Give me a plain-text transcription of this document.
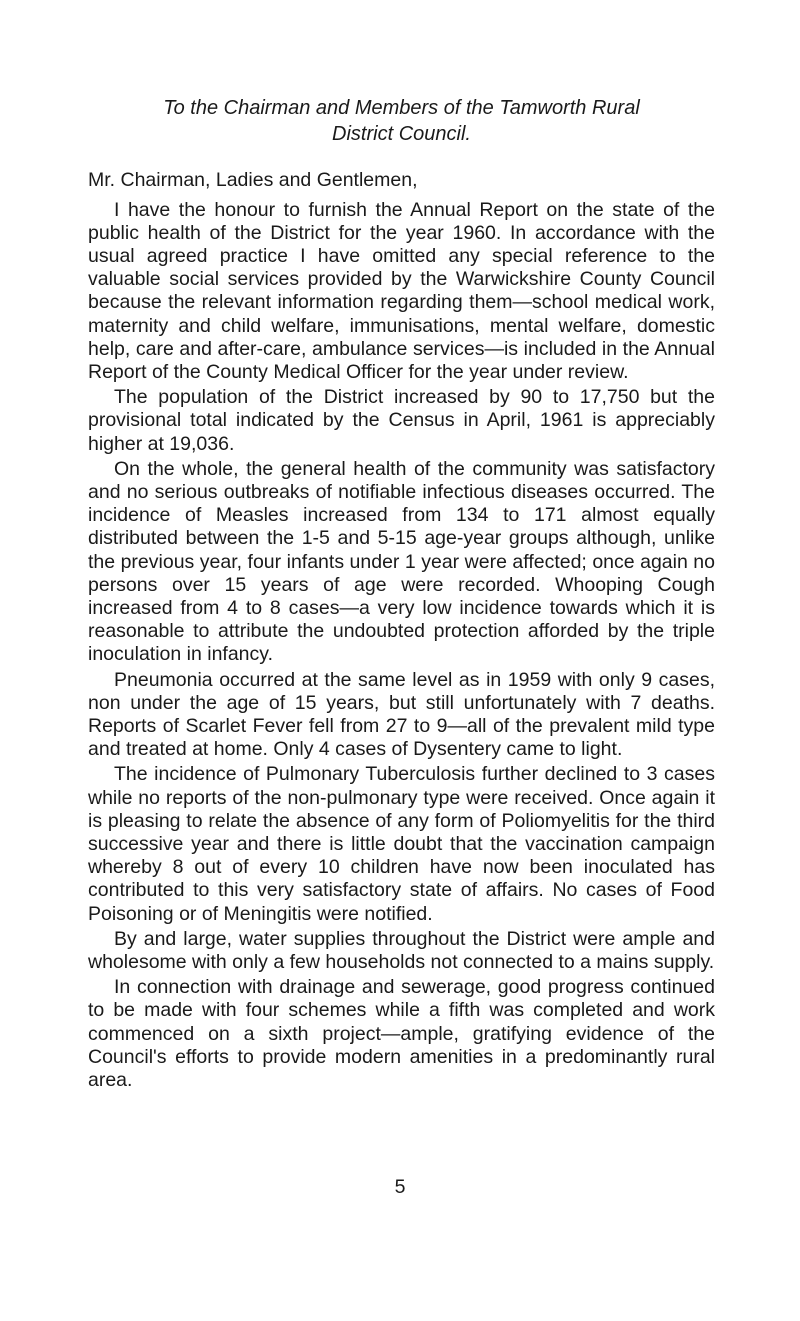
To the Chairman and Members of the Tamworth Rural
District Council.

Mr. Chairman, Ladies and Gentlemen,

I have the honour to furnish the Annual Report on the state of the public health of the District for the year 1960. In accordance with the usual agreed practice I have omitted any special reference to the valuable social services provided by the Warwickshire County Council because the relevant information regarding them—school medical work, maternity and child welfare, immunisations, mental welfare, domestic help, care and after-care, ambulance services—is included in the Annual Report of the County Medical Officer for the year under review.

The population of the District increased by 90 to 17,750 but the provisional total indicated by the Census in April, 1961 is appreciably higher at 19,036.

On the whole, the general health of the community was satisfactory and no serious outbreaks of notifiable infectious diseases occurred. The incidence of Measles increased from 134 to 171 almost equally distributed between the 1-5 and 5-15 age-year groups although, unlike the previous year, four infants under 1 year were affected; once again no persons over 15 years of age were recorded. Whooping Cough increased from 4 to 8 cases—a very low incidence towards which it is reasonable to attribute the undoubted protection afforded by the triple inoculation in infancy.

Pneumonia occurred at the same level as in 1959 with only 9 cases, non under the age of 15 years, but still unfortunately with 7 deaths. Reports of Scarlet Fever fell from 27 to 9—all of the prevalent mild type and treated at home. Only 4 cases of Dysentery came to light.

The incidence of Pulmonary Tuberculosis further declined to 3 cases while no reports of the non-pulmonary type were received. Once again it is pleasing to relate the absence of any form of Poliomyelitis for the third successive year and there is little doubt that the vaccination campaign whereby 8 out of every 10 children have now been inoculated has contributed to this very satisfactory state of affairs. No cases of Food Poisoning or of Meningitis were notified.

By and large, water supplies throughout the District were ample and wholesome with only a few households not connected to a mains supply.

In connection with drainage and sewerage, good progress continued to be made with four schemes while a fifth was completed and work commenced on a sixth project—ample, gratifying evidence of the Council's efforts to provide modern amenities in a predominantly rural area.

5
